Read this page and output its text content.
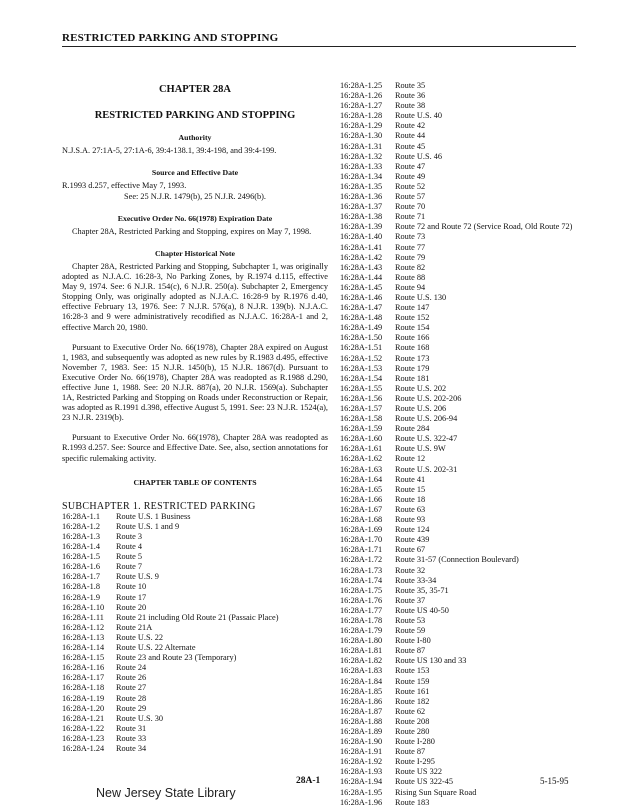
RESTRICTED PARKING AND STOPPING
CHAPTER 28A
RESTRICTED PARKING AND STOPPING
Authority
N.J.S.A. 27:1A-5, 27:1A-6, 39:4-138.1, 39:4-198, and 39:4-199.
Source and Effective Date
R.1993 d.257, effective May 7, 1993.
See: 25 N.J.R. 1479(b), 25 N.J.R. 2496(b).
Executive Order No. 66(1978) Expiration Date
Chapter 28A, Restricted Parking and Stopping, expires on May 7, 1998.
Chapter Historical Note
Chapter 28A, Restricted Parking and Stopping, Subchapter 1, was originally adopted as N.J.A.C. 16:28-3, No Parking Zones, by R.1974 d.115, effective May 9, 1974. See: 6 N.J.R. 154(c), 6 N.J.R. 250(a). Subchapter 2, Emergency Stopping Only, was originally adopted as N.J.A.C. 16:28-9 by R.1976 d.40, effective February 13, 1976. See: 7 N.J.R. 576(a), 8 N.J.R. 139(b). N.J.A.C. 16:28-3 and 9 were administratively recodified as N.J.A.C. 16:28A-1 and 2, effective March 20, 1980.
Pursuant to Executive Order No. 66(1978), Chapter 28A expired on August 1, 1983, and subsequently was adopted as new rules by R.1983 d.495, effective November 7, 1983. See: 15 N.J.R. 1450(b), 15 N.J.R. 1867(d). Pursuant to Executive Order No. 66(1978), Chapter 28A was readopted as R.1988 d.290, effective June 1, 1988. See: 20 N.J.R. 887(a), 20 N.J.R. 1569(a). Subchapter 1A, Restricted Parking and Stopping on Roads under Reconstruction or Repair, was adopted as R.1991 d.398, effective August 5, 1991. See: 23 N.J.R. 1524(a), 23 N.J.R. 2319(b).
Pursuant to Executive Order No. 66(1978), Chapter 28A was readopted as R.1993 d.257. See: Source and Effective Date. See, also, section annotations for specific rulemaking activity.
CHAPTER TABLE OF CONTENTS
SUBCHAPTER 1. RESTRICTED PARKING
16:28A-1.1	Route U.S. 1 Business
16:28A-1.2	Route U.S. 1 and 9
16:28A-1.3	Route 3
16:28A-1.4	Route 4
16:28A-1.5	Route 5
16:28A-1.6	Route 7
16:28A-1.7	Route U.S. 9
16:28A-1.8	Route 10
16:28A-1.9	Route 17
16:28A-1.10	Route 20
16:28A-1.11	Route 21 including Old Route 21 (Passaic Place)
16:28A-1.12	Route 21A
16:28A-1.13	Route U.S. 22
16:28A-1.14	Route U.S. 22 Alternate
16:28A-1.15	Route 23 and Route 23 (Temporary)
16:28A-1.16	Route 24
16:28A-1.17	Route 26
16:28A-1.18	Route 27
16:28A-1.19	Route 28
16:28A-1.20	Route 29
16:28A-1.21	Route U.S. 30
16:28A-1.22	Route 31
16:28A-1.23	Route 33
16:28A-1.24	Route 34
16:28A-1.25	Route 35
16:28A-1.26	Route 36
16:28A-1.27	Route 38
16:28A-1.28	Route U.S. 40
16:28A-1.29	Route 42
16:28A-1.30	Route 44
16:28A-1.31	Route 45
16:28A-1.32	Route U.S. 46
16:28A-1.33	Route 47
16:28A-1.34	Route 49
16:28A-1.35	Route 52
16:28A-1.36	Route 57
16:28A-1.37	Route 70
16:28A-1.38	Route 71
16:28A-1.39	Route 72 and Route 72 (Service Road, Old Route 72)
16:28A-1.40	Route 73
16:28A-1.41	Route 77
16:28A-1.42	Route 79
16:28A-1.43	Route 82
16:28A-1.44	Route 88
16:28A-1.45	Route 94
16:28A-1.46	Route U.S. 130
16:28A-1.47	Route 147
16:28A-1.48	Route 152
16:28A-1.49	Route 154
16:28A-1.50	Route 166
16:28A-1.51	Route 168
16:28A-1.52	Route 173
16:28A-1.53	Route 179
16:28A-1.54	Route 181
16:28A-1.55	Route U.S. 202
16:28A-1.56	Route U.S. 202-206
16:28A-1.57	Route U.S. 206
16:28A-1.58	Route U.S. 206-94
16:28A-1.59	Route 284
16:28A-1.60	Route U.S. 322-47
16:28A-1.61	Route U.S. 9W
16:28A-1.62	Route 12
16:28A-1.63	Route U.S. 202-31
16:28A-1.64	Route 41
16:28A-1.65	Route 15
16:28A-1.66	Route 18
16:28A-1.67	Route 63
16:28A-1.68	Route 93
16:28A-1.69	Route 124
16:28A-1.70	Route 439
16:28A-1.71	Route 67
16:28A-1.72	Route 31-57 (Connection Boulevard)
16:28A-1.73	Route 32
16:28A-1.74	Route 33-34
16:28A-1.75	Route 35, 35-71
16:28A-1.76	Route 37
16:28A-1.77	Route US 40-50
16:28A-1.78	Route 53
16:28A-1.79	Route 59
16:28A-1.80	Route I-80
16:28A-1.81	Route 87
16:28A-1.82	Route US 130 and 33
16:28A-1.83	Route 153
16:28A-1.84	Route 159
16:28A-1.85	Route 161
16:28A-1.86	Route 182
16:28A-1.87	Route 62
16:28A-1.88	Route 208
16:28A-1.89	Route 280
16:28A-1.90	Route I-280
16:28A-1.91	Route 87
16:28A-1.92	Route I-295
16:28A-1.93	Route US 322
16:28A-1.94	Route US 322-45
16:28A-1.95	Rising Sun Square Road
16:28A-1.96	Route 183
28A-1	5-15-95
New Jersey State Library
